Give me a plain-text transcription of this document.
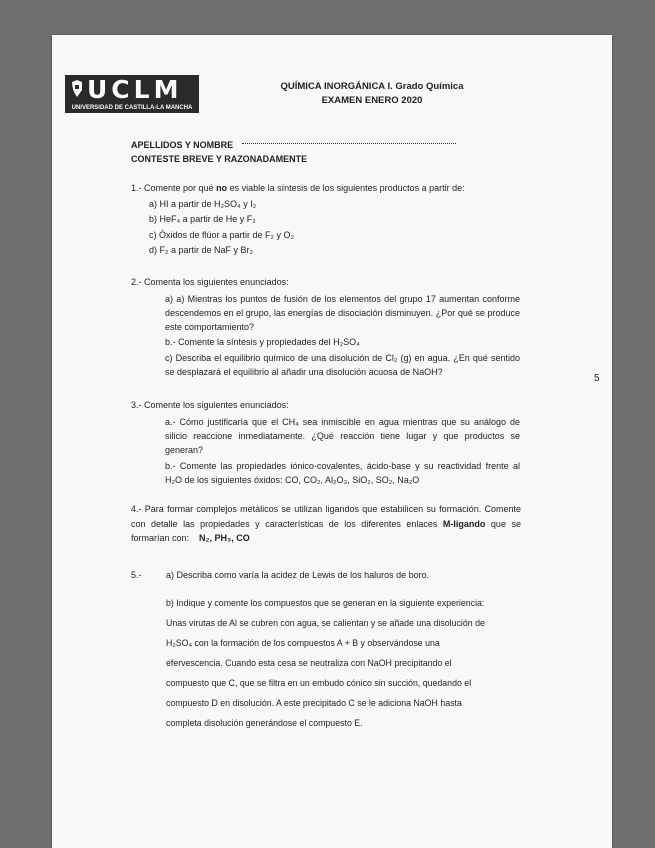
UCLM
UNIVERSIDAD DE CASTILLA-LA MANCHA
QUÍMICA INORGÁNICA I. Grado Química
EXAMEN ENERO 2020
APELLIDOS Y NOMBRE
CONTESTE BREVE Y RAZONADAMENTE
1.- Comente por qué no es viable la síntesis de los siguientes productos a partir de:
a) HI a partir de H₂SO₄ y I₂
b) HeF₄ a partir de He y F₂
c) Óxidos de flúor a partir de F₂ y O₂
d) F₂ a partir de NaF y Br₂
2.- Comenta los siguientes enunciados:
a) a) Mientras los puntos de fusión de los elementos del grupo 17 aumentan conforme descendemos en el grupo, las energías de disociación disminuyen. ¿Por qué se produce este comportamiento?
b.- Comente la síntesis y propiedades del H₂SO₄
c) Describa el equilibrio químico de una disolución de Cl₂ (g) en agua. ¿En qué sentido se desplazará el equilibrio al añadir una disolución acuosa de NaOH?
5
3.- Comente los siguientes enunciados:
a.- Cómo justificaría que el CH₄ sea inmiscible en agua mientras que su análogo de silicio reaccione inmediatamente. ¿Qué reacción tiene lugar y que productos se generan?
b.- Comente las propiedades iónico-covalentes, ácido-base y su reactividad frente al H₂O de los siguientes óxidos: CO, CO₂, Al₂O₃, SiO₂, SO₂, Na₂O
4.- Para formar complejos metálicos se utilizan ligandos que estabilicen su formación. Comente con detalle las propiedades y características de los diferentes enlaces M-ligando que se formarían con: N₂, PH₃, CO
5.-	a) Describa como varía la acidez de Lewis de los haluros de boro.
b) Indique y comente los compuestos que se generan en la siguiente experiencia:
Unas virutas de Al se cubren con agua, se calientan y se añade una disolución de
H₂SO₄ con la formación de los compuestos A + B y observándose una
efervescencia. Cuando esta cesa se neutraliza con NaOH precipitando el
compuesto que C, que se filtra en un embudo cónico sin succión, quedando el
compuesto D en disolución. A este precipitado C se le adiciona NaOH hasta
completa disolución generándose el compuesto E.
